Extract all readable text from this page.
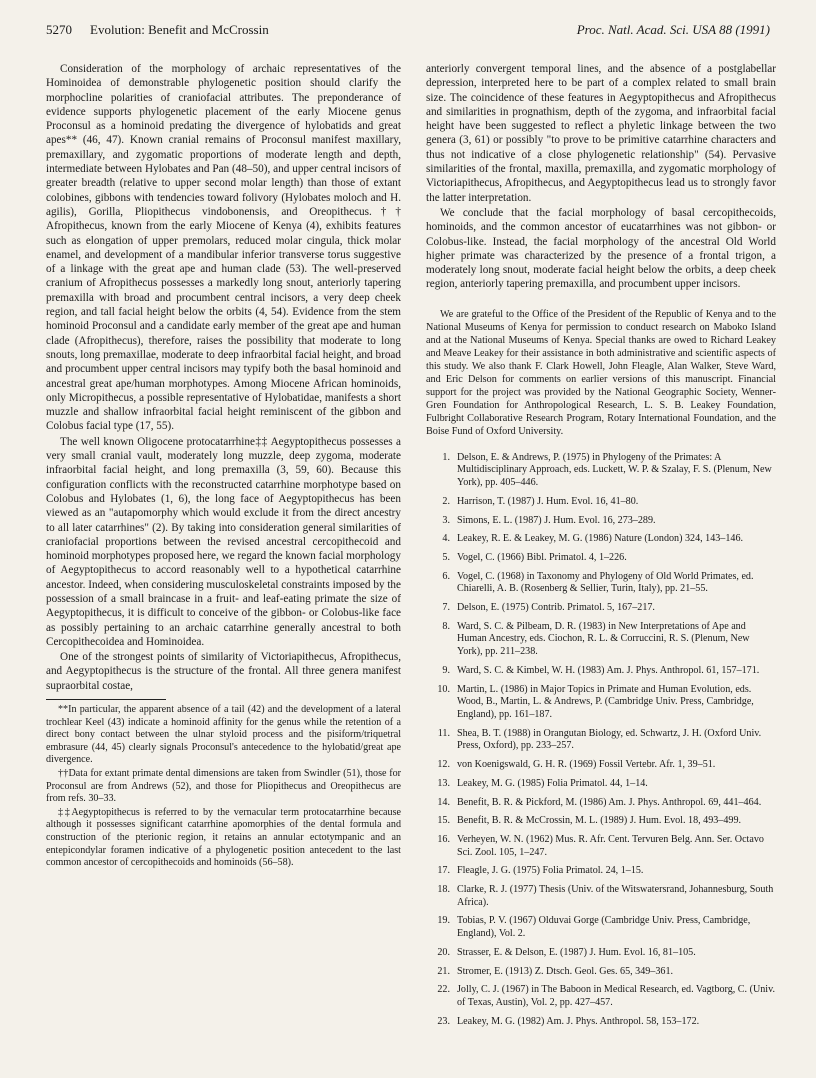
5270 Evolution: Benefit and McCrossin	Proc. Natl. Acad. Sci. USA 88 (1991)

Consideration of the morphology of archaic representatives of the Hominoidea of demonstrable phylogenetic position should clarify the morphocline polarities of craniofacial attributes. The preponderance of evidence supports phylogenetic placement of the early Miocene genus Proconsul as a hominoid predating the divergence of hylobatids and great apes** (46, 47). Known cranial remains of Proconsul manifest maxillary, premaxillary, and zygomatic proportions of moderate length and depth, intermediate between Hylobates and Pan (48–50), and upper central incisors of greater breadth (relative to upper second molar length) than those of extant colobines, gibbons with tendencies toward folivory (Hylobates moloch and H. agilis), Gorilla, Pliopithecus vindobonensis, and Oreopithecus.†† Afropithecus, known from the early Miocene of Kenya (4), exhibits features such as elongation of upper premolars, reduced molar cingula, thick molar enamel, and development of a mandibular inferior transverse torus suggestive of a linkage with the great ape and human clade (53). The well-preserved cranium of Afropithecus possesses a markedly long snout, anteriorly tapering premaxilla with broad and procumbent central incisors, a very deep cheek region, and tall facial height below the orbits (4, 54). Evidence from the stem hominoid Proconsul and a candidate early member of the great ape and human clade (Afropithecus), therefore, raises the possibility that moderate to long snouts, long premaxillae, moderate to deep infraorbital facial height, and broad and procumbent upper central incisors may typify both the basal hominoid and ancestral great ape/human morphotypes. Among Miocene African hominoids, only Micropithecus, a possible representative of Hylobatidae, manifests a short muzzle and shallow infraorbital facial height reminiscent of the gibbon and Colobus facial type (17, 55).

The well known Oligocene protocatarrhine‡‡ Aegyptopithecus possesses a very small cranial vault, moderately long muzzle, deep zygoma, moderate infraorbital facial height, and long premaxilla (3, 59, 60). Because this configuration conflicts with the reconstructed catarrhine morphotype based on Colobus and Hylobates (1, 6), the long face of Aegyptopithecus has been viewed as an "autapomorphy which would exclude it from the direct ancestry to all later catarrhines" (2). By taking into consideration general similarities of craniofacial proportions between the revised ancestral cercopithecoid and hominoid morphotypes proposed here, we regard the known facial morphology of Aegyptopithecus to accord reasonably well to a hypothetical catarrhine ancestor. Indeed, when considering musculoskeletal constraints imposed by the possession of a small braincase in a fruit- and leaf-eating primate the size of Aegyptopithecus, it is difficult to conceive of the gibbon- or Colobus-like face as possibly pertaining to an archaic catarrhine generally ancestral to both Cercopithecoidea and Hominoidea.

One of the strongest points of similarity of Victoriapithecus, Afropithecus, and Aegyptopithecus is the structure of the frontal. All three genera manifest supraorbital costae,

**In particular, the apparent absence of a tail (42) and the development of a lateral trochlear Keel (43) indicate a hominoid affinity for the genus while the retention of a direct bony contact between the ulnar styloid process and the pisiform/triquetral embrasure (44, 45) clearly signals Proconsul's antecedence to the hylobatid/great ape divergence.

††Data for extant primate dental dimensions are taken from Swindler (51), those for Proconsul are from Andrews (52), and those for Pliopithecus and Oreopithecus are from refs. 30–33.

‡‡Aegyptopithecus is referred to by the vernacular term protocatarrhine because although it possesses significant catarrhine apomorphies of the dental formula and construction of the pterionic region, it retains an annular ectotympanic and an entepicondylar foramen indicative of a phylogenetic position antecedent to the last common ancestor of cercopithecoids and hominoids (56–58).

anteriorly convergent temporal lines, and the absence of a postglabellar depression, interpreted here to be part of a complex related to small brain size. The coincidence of these features in Aegyptopithecus and Afropithecus and similarities in prognathism, depth of the zygoma, and infraorbital facial height have been suggested to reflect a phyletic linkage between the two genera (3, 61) or possibly "to prove to be primitive catarrhine characters and thus not indicative of a close phylogenetic relationship" (54). Pervasive similarities of the frontal, maxilla, premaxilla, and zygomatic morphology of Victoriapithecus, Afropithecus, and Aegyptopithecus lead us to strongly favor the latter interpretation.

We conclude that the facial morphology of basal cercopithecoids, hominoids, and the common ancestor of eucatarrhines was not gibbon- or Colobus-like. Instead, the facial morphology of the ancestral Old World higher primate was characterized by the presence of a frontal trigon, a moderately long snout, moderate facial height below the orbits, a deep cheek region, anteriorly tapering premaxilla, and procumbent upper incisors.

We are grateful to the Office of the President of the Republic of Kenya and to the National Museums of Kenya for permission to conduct research on Maboko Island and at the National Museums of Kenya. Special thanks are owed to Richard Leakey and Meave Leakey for their assistance in both administrative and scientific aspects of this study. We also thank F. Clark Howell, John Fleagle, Alan Walker, Steve Ward, and Eric Delson for comments on earlier versions of this manuscript. Financial support for the project was provided by the National Geographic Society, Wenner-Gren Foundation for Anthropological Research, L. S. B. Leakey Foundation, Fulbright Collaborative Research Program, Rotary International Foundation, and the Boise Fund of Oxford University.

1. Delson, E. & Andrews, P. (1975) in Phylogeny of the Primates: A Multidisciplinary Approach, eds. Luckett, W. P. & Szalay, F. S. (Plenum, New York), pp. 405–446.
2. Harrison, T. (1987) J. Hum. Evol. 16, 41–80.
3. Simons, E. L. (1987) J. Hum. Evol. 16, 273–289.
4. Leakey, R. E. & Leakey, M. G. (1986) Nature (London) 324, 143–146.
5. Vogel, C. (1966) Bibl. Primatol. 4, 1–226.
6. Vogel, C. (1968) in Taxonomy and Phylogeny of Old World Primates, ed. Chiarelli, A. B. (Rosenberg & Sellier, Turin, Italy), pp. 21–55.
7. Delson, E. (1975) Contrib. Primatol. 5, 167–217.
8. Ward, S. C. & Pilbeam, D. R. (1983) in New Interpretations of Ape and Human Ancestry, eds. Ciochon, R. L. & Corruccini, R. S. (Plenum, New York), pp. 211–238.
9. Ward, S. C. & Kimbel, W. H. (1983) Am. J. Phys. Anthropol. 61, 157–171.
10. Martin, L. (1986) in Major Topics in Primate and Human Evolution, eds. Wood, B., Martin, L. & Andrews, P. (Cambridge Univ. Press, Cambridge, England), pp. 161–187.
11. Shea, B. T. (1988) in Orangutan Biology, ed. Schwartz, J. H. (Oxford Univ. Press, Oxford), pp. 233–257.
12. von Koenigswald, G. H. R. (1969) Fossil Vertebr. Afr. 1, 39–51.
13. Leakey, M. G. (1985) Folia Primatol. 44, 1–14.
14. Benefit, B. R. & Pickford, M. (1986) Am. J. Phys. Anthropol. 69, 441–464.
15. Benefit, B. R. & McCrossin, M. L. (1989) J. Hum. Evol. 18, 493–499.
16. Verheyen, W. N. (1962) Mus. R. Afr. Cent. Tervuren Belg. Ann. Ser. Octavo Sci. Zool. 105, 1–247.
17. Fleagle, J. G. (1975) Folia Primatol. 24, 1–15.
18. Clarke, R. J. (1977) Thesis (Univ. of the Witswatersrand, Johannesburg, South Africa).
19. Tobias, P. V. (1967) Olduvai Gorge (Cambridge Univ. Press, Cambridge, England), Vol. 2.
20. Strasser, E. & Delson, E. (1987) J. Hum. Evol. 16, 81–105.
21. Stromer, E. (1913) Z. Dtsch. Geol. Ges. 65, 349–361.
22. Jolly, C. J. (1967) in The Baboon in Medical Research, ed. Vagtborg, C. (Univ. of Texas, Austin), Vol. 2, pp. 427–457.
23. Leakey, M. G. (1982) Am. J. Phys. Anthropol. 58, 153–172.
